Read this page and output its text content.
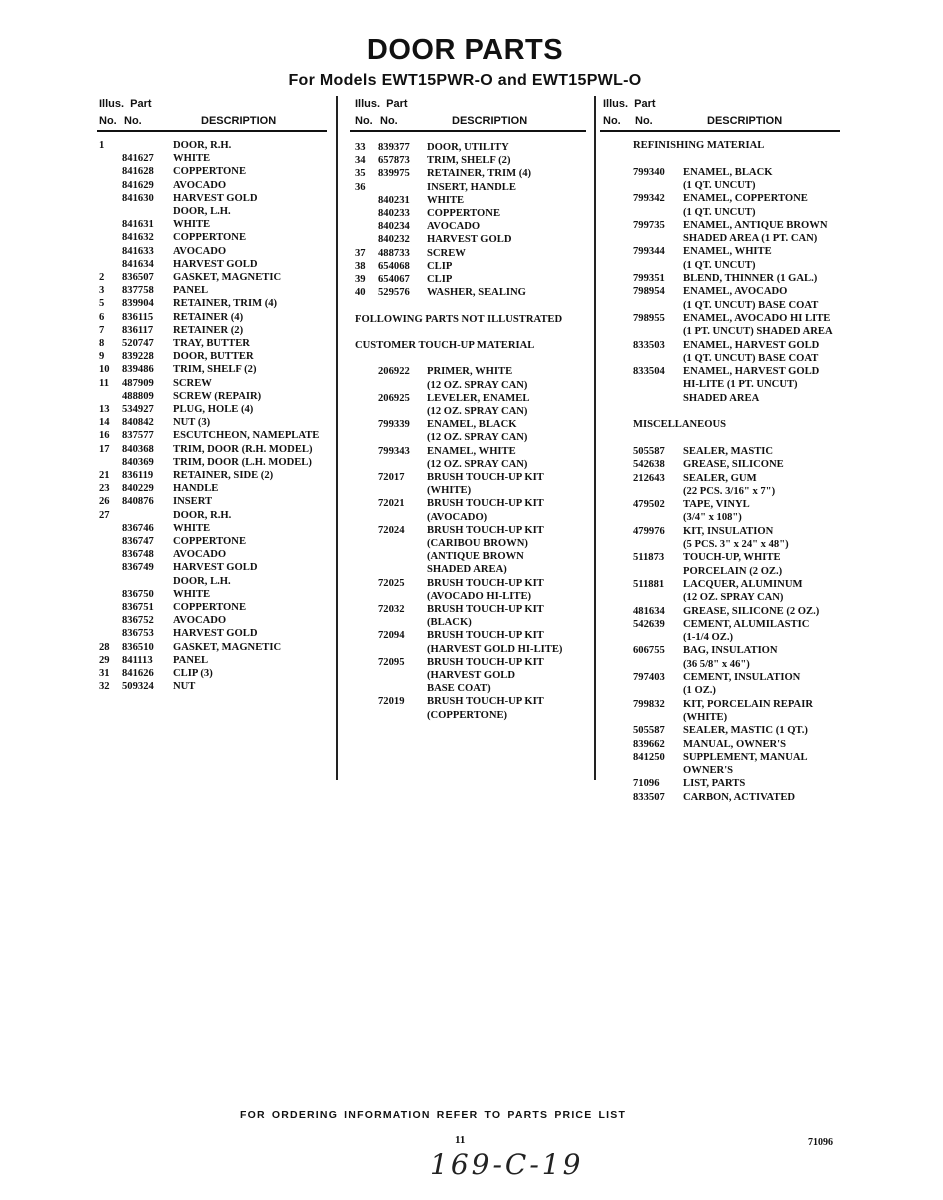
DOOR PARTS
For Models EWT15PWR-O and EWT15PWL-O
Illus.  Part
No. No.	DESCRIPTION
1	DOOR, R.H.
841627 WHITE
841628 COPPERTONE
841629 AVOCADO
841630 HARVEST GOLD
DOOR, L.H.
841631 WHITE
841632 COPPERTONE
841633 AVOCADO
841634 HARVEST GOLD
2 836507 GASKET, MAGNETIC
3 837758 PANEL
5 839904 RETAINER, TRIM (4)
6 836115 RETAINER (4)
7 836117 RETAINER (2)
8 520747 TRAY, BUTTER
9 839228 DOOR, BUTTER
10 839486 TRIM, SHELF (2)
11 487909 SCREW
488809 SCREW (REPAIR)
13 534927 PLUG, HOLE (4)
14 840842 NUT (3)
16 837577 ESCUTCHEON, NAMEPLATE
17 840368 TRIM, DOOR (R.H. MODEL)
840369 TRIM, DOOR (L.H. MODEL)
21 836119 RETAINER, SIDE (2)
23 840229 HANDLE
26 840876 INSERT
27	DOOR, R.H.
836746 WHITE
836747 COPPERTONE
836748 AVOCADO
836749 HARVEST GOLD
DOOR, L.H.
836750 WHITE
836751 COPPERTONE
836752 AVOCADO
836753 HARVEST GOLD
28 836510 GASKET, MAGNETIC
29 841113 PANEL
31 841626 CLIP (3)
32 509324 NUT
Illus.  Part
No. No.	DESCRIPTION
33 839377 DOOR, UTILITY
34 657873 TRIM, SHELF (2)
35 839975 RETAINER, TRIM (4)
36	INSERT, HANDLE
840231 WHITE
840233 COPPERTONE
840234 AVOCADO
840232 HARVEST GOLD
37 488733 SCREW
38 654068 CLIP
39 654067 CLIP
40 529576 WASHER, SEALING
FOLLOWING PARTS NOT ILLUSTRATED
CUSTOMER TOUCH-UP MATERIAL
206922 PRIMER, WHITE
(12 OZ. SPRAY CAN)
206925 LEVELER, ENAMEL
(12 OZ. SPRAY CAN)
799339 ENAMEL, BLACK
(12 OZ. SPRAY CAN)
799343 ENAMEL, WHITE
(12 OZ. SPRAY CAN)
72017 BRUSH TOUCH-UP KIT
(WHITE)
72021 BRUSH TOUCH-UP KIT
(AVOCADO)
72024 BRUSH TOUCH-UP KIT
(CARIBOU BROWN)
(ANTIQUE BROWN
SHADED AREA)
72025 BRUSH TOUCH-UP KIT
(AVOCADO HI-LITE)
72032 BRUSH TOUCH-UP KIT
(BLACK)
72094 BRUSH TOUCH-UP KIT
(HARVEST GOLD HI-LITE)
72095 BRUSH TOUCH-UP KIT
(HARVEST GOLD
BASE COAT)
72019 BRUSH TOUCH-UP KIT
(COPPERTONE)
Illus.  Part
No. No.	DESCRIPTION
REFINISHING MATERIAL
799340 ENAMEL, BLACK
(1 QT. UNCUT)
799342 ENAMEL, COPPERTONE
(1 QT. UNCUT)
799735 ENAMEL, ANTIQUE BROWN
SHADED AREA (1 PT. CAN)
799344 ENAMEL, WHITE
(1 QT. UNCUT)
799351 BLEND, THINNER (1 GAL.)
798954 ENAMEL, AVOCADO
(1 QT. UNCUT) BASE COAT
798955 ENAMEL, AVOCADO HI LITE
(1 PT. UNCUT) SHADED AREA
833503 ENAMEL, HARVEST GOLD
(1 QT. UNCUT) BASE COAT
833504 ENAMEL, HARVEST GOLD
HI-LITE (1 PT. UNCUT)
SHADED AREA
MISCELLANEOUS
505587 SEALER, MASTIC
542638 GREASE, SILICONE
212643 SEALER, GUM
(22 PCS. 3/16" x 7")
479502 TAPE, VINYL
(3/4" x 108")
479976 KIT, INSULATION
(5 PCS. 3" x 24" x 48")
511873 TOUCH-UP, WHITE
PORCELAIN (2 OZ.)
511881 LACQUER, ALUMINUM
(12 OZ. SPRAY CAN)
481634 GREASE, SILICONE (2 OZ.)
542639 CEMENT, ALUMILASTIC
(1-1/4 OZ.)
606755 BAG, INSULATION
(36 5/8" x 46")
797403 CEMENT, INSULATION
(1 OZ.)
799832 KIT, PORCELAIN REPAIR
(WHITE)
505587 SEALER, MASTIC (1 QT.)
839662 MANUAL, OWNER'S
841250 SUPPLEMENT, MANUAL
OWNER'S
71096 LIST, PARTS
833507 CARBON, ACTIVATED
FOR ORDERING INFORMATION REFER TO PARTS PRICE LIST
11	71096
169-C-19
